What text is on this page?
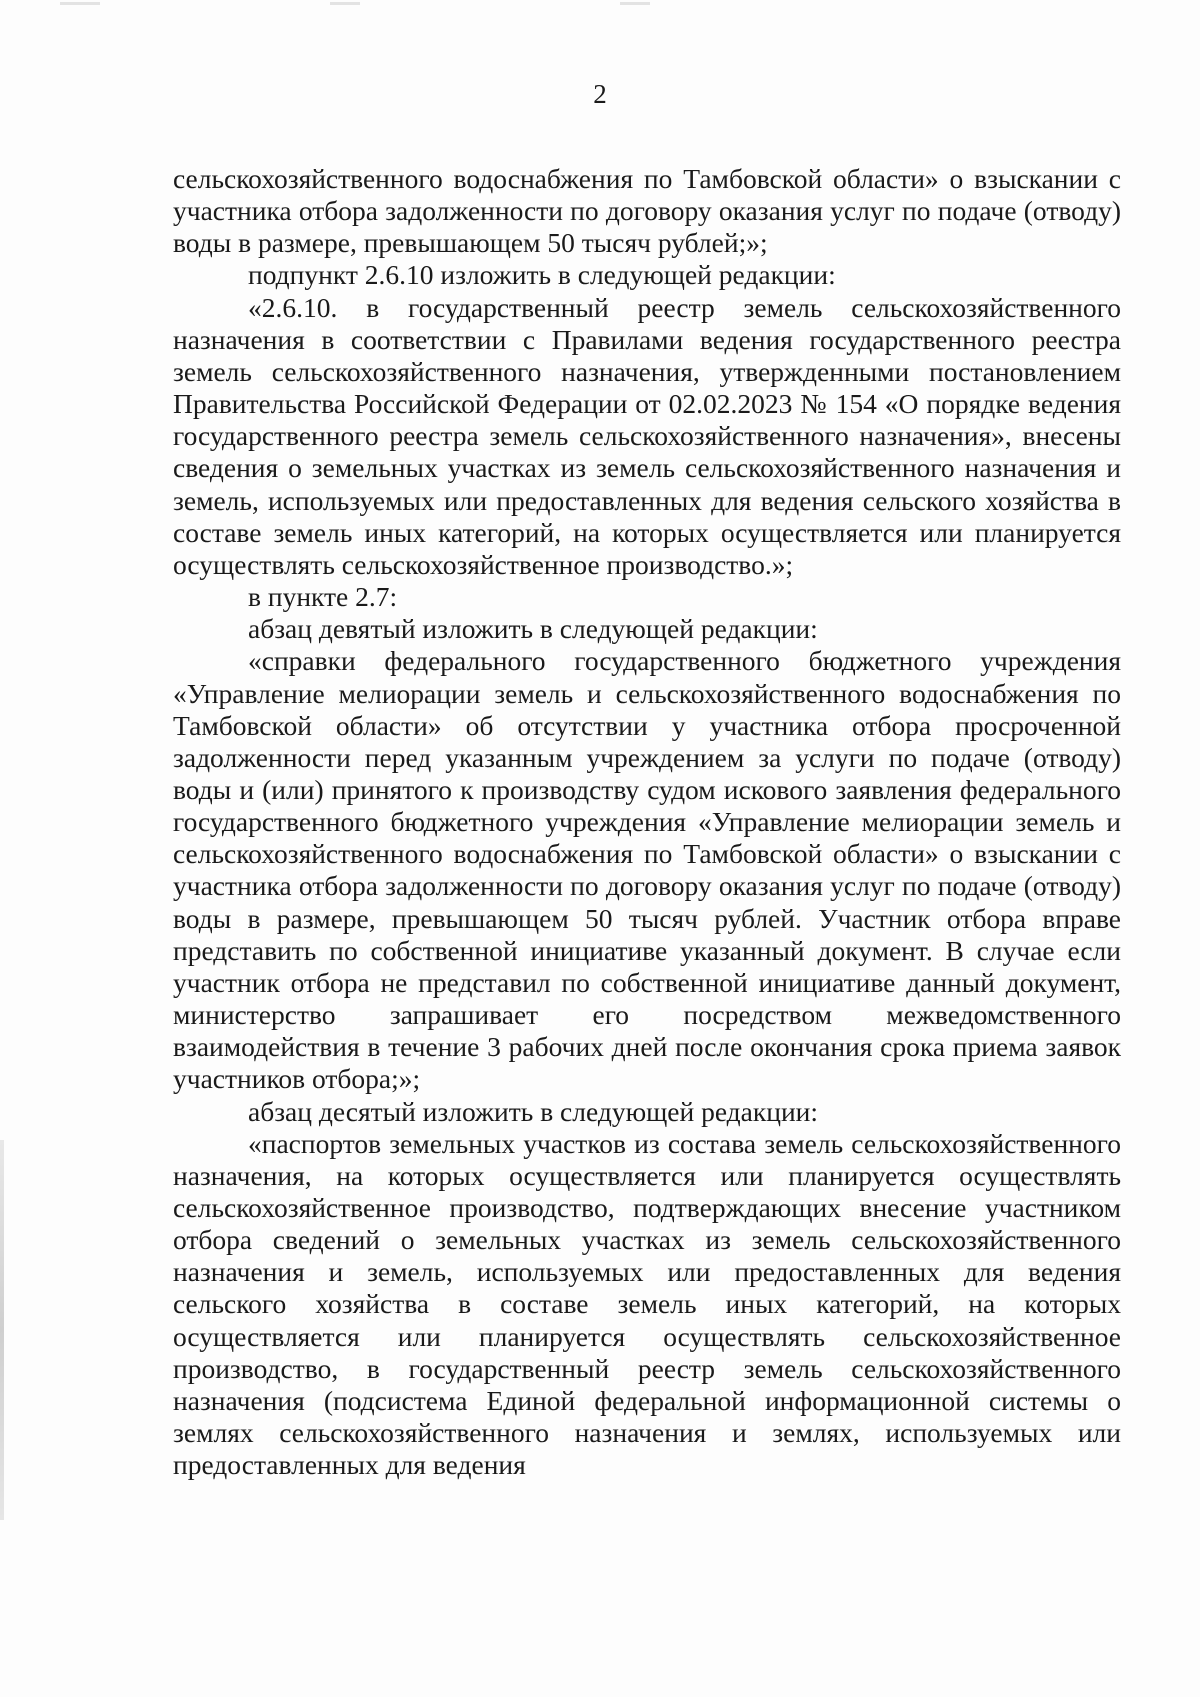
2

сельскохозяйственного водоснабжения по Тамбовской области» о взыскании с участника отбора задолженности по договору оказания услуг по подаче (отводу) воды в размере, превышающем 50 тысяч рублей;»;

подпункт 2.6.10 изложить в следующей редакции:

«2.6.10. в государственный реестр земель сельскохозяйственного назначения в соответствии с Правилами ведения государственного реестра земель сельскохозяйственного назначения, утвержденными постановлением Правительства Российской Федерации от 02.02.2023 № 154 «О порядке ведения государственного реестра земель сельскохозяйственного назначения», внесены сведения о земельных участках из земель сельскохозяйственного назначения и земель, используемых или предоставленных для ведения сельского хозяйства в составе земель иных категорий, на которых осуществляется или планируется осуществлять сельскохозяйственное производство.»;

в пункте 2.7:

абзац девятый изложить в следующей редакции:

«справки федерального государственного бюджетного учреждения «Управление мелиорации земель и сельскохозяйственного водоснабжения по Тамбовской области» об отсутствии у участника отбора просроченной задолженности перед указанным учреждением за услуги по подаче (отводу) воды и (или) принятого к производству судом искового заявления федерального государственного бюджетного учреждения «Управление мелиорации земель и сельскохозяйственного водоснабжения по Тамбовской области» о взыскании с участника отбора задолженности по договору оказания услуг по подаче (отводу) воды в размере, превышающем 50 тысяч рублей. Участник отбора вправе представить по собственной инициативе указанный документ. В случае если участник отбора не представил по собственной инициативе данный документ, министерство запрашивает его посредством межведомственного взаимодействия в течение 3 рабочих дней после окончания срока приема заявок участников отбора;»;

абзац десятый изложить в следующей редакции:

«паспортов земельных участков из состава земель сельскохозяйственного назначения, на которых осуществляется или планируется осуществлять сельскохозяйственное производство, подтверждающих внесение участником отбора сведений о земельных участках из земель сельскохозяйственного назначения и земель, используемых или предоставленных для ведения сельского хозяйства в составе земель иных категорий, на которых осуществляется или планируется осуществлять сельскохозяйственное производство, в государственный реестр земель сельскохозяйственного назначения (подсистема Единой федеральной информационной системы о землях сельскохозяйственного назначения и землях, используемых или предоставленных для ведения
